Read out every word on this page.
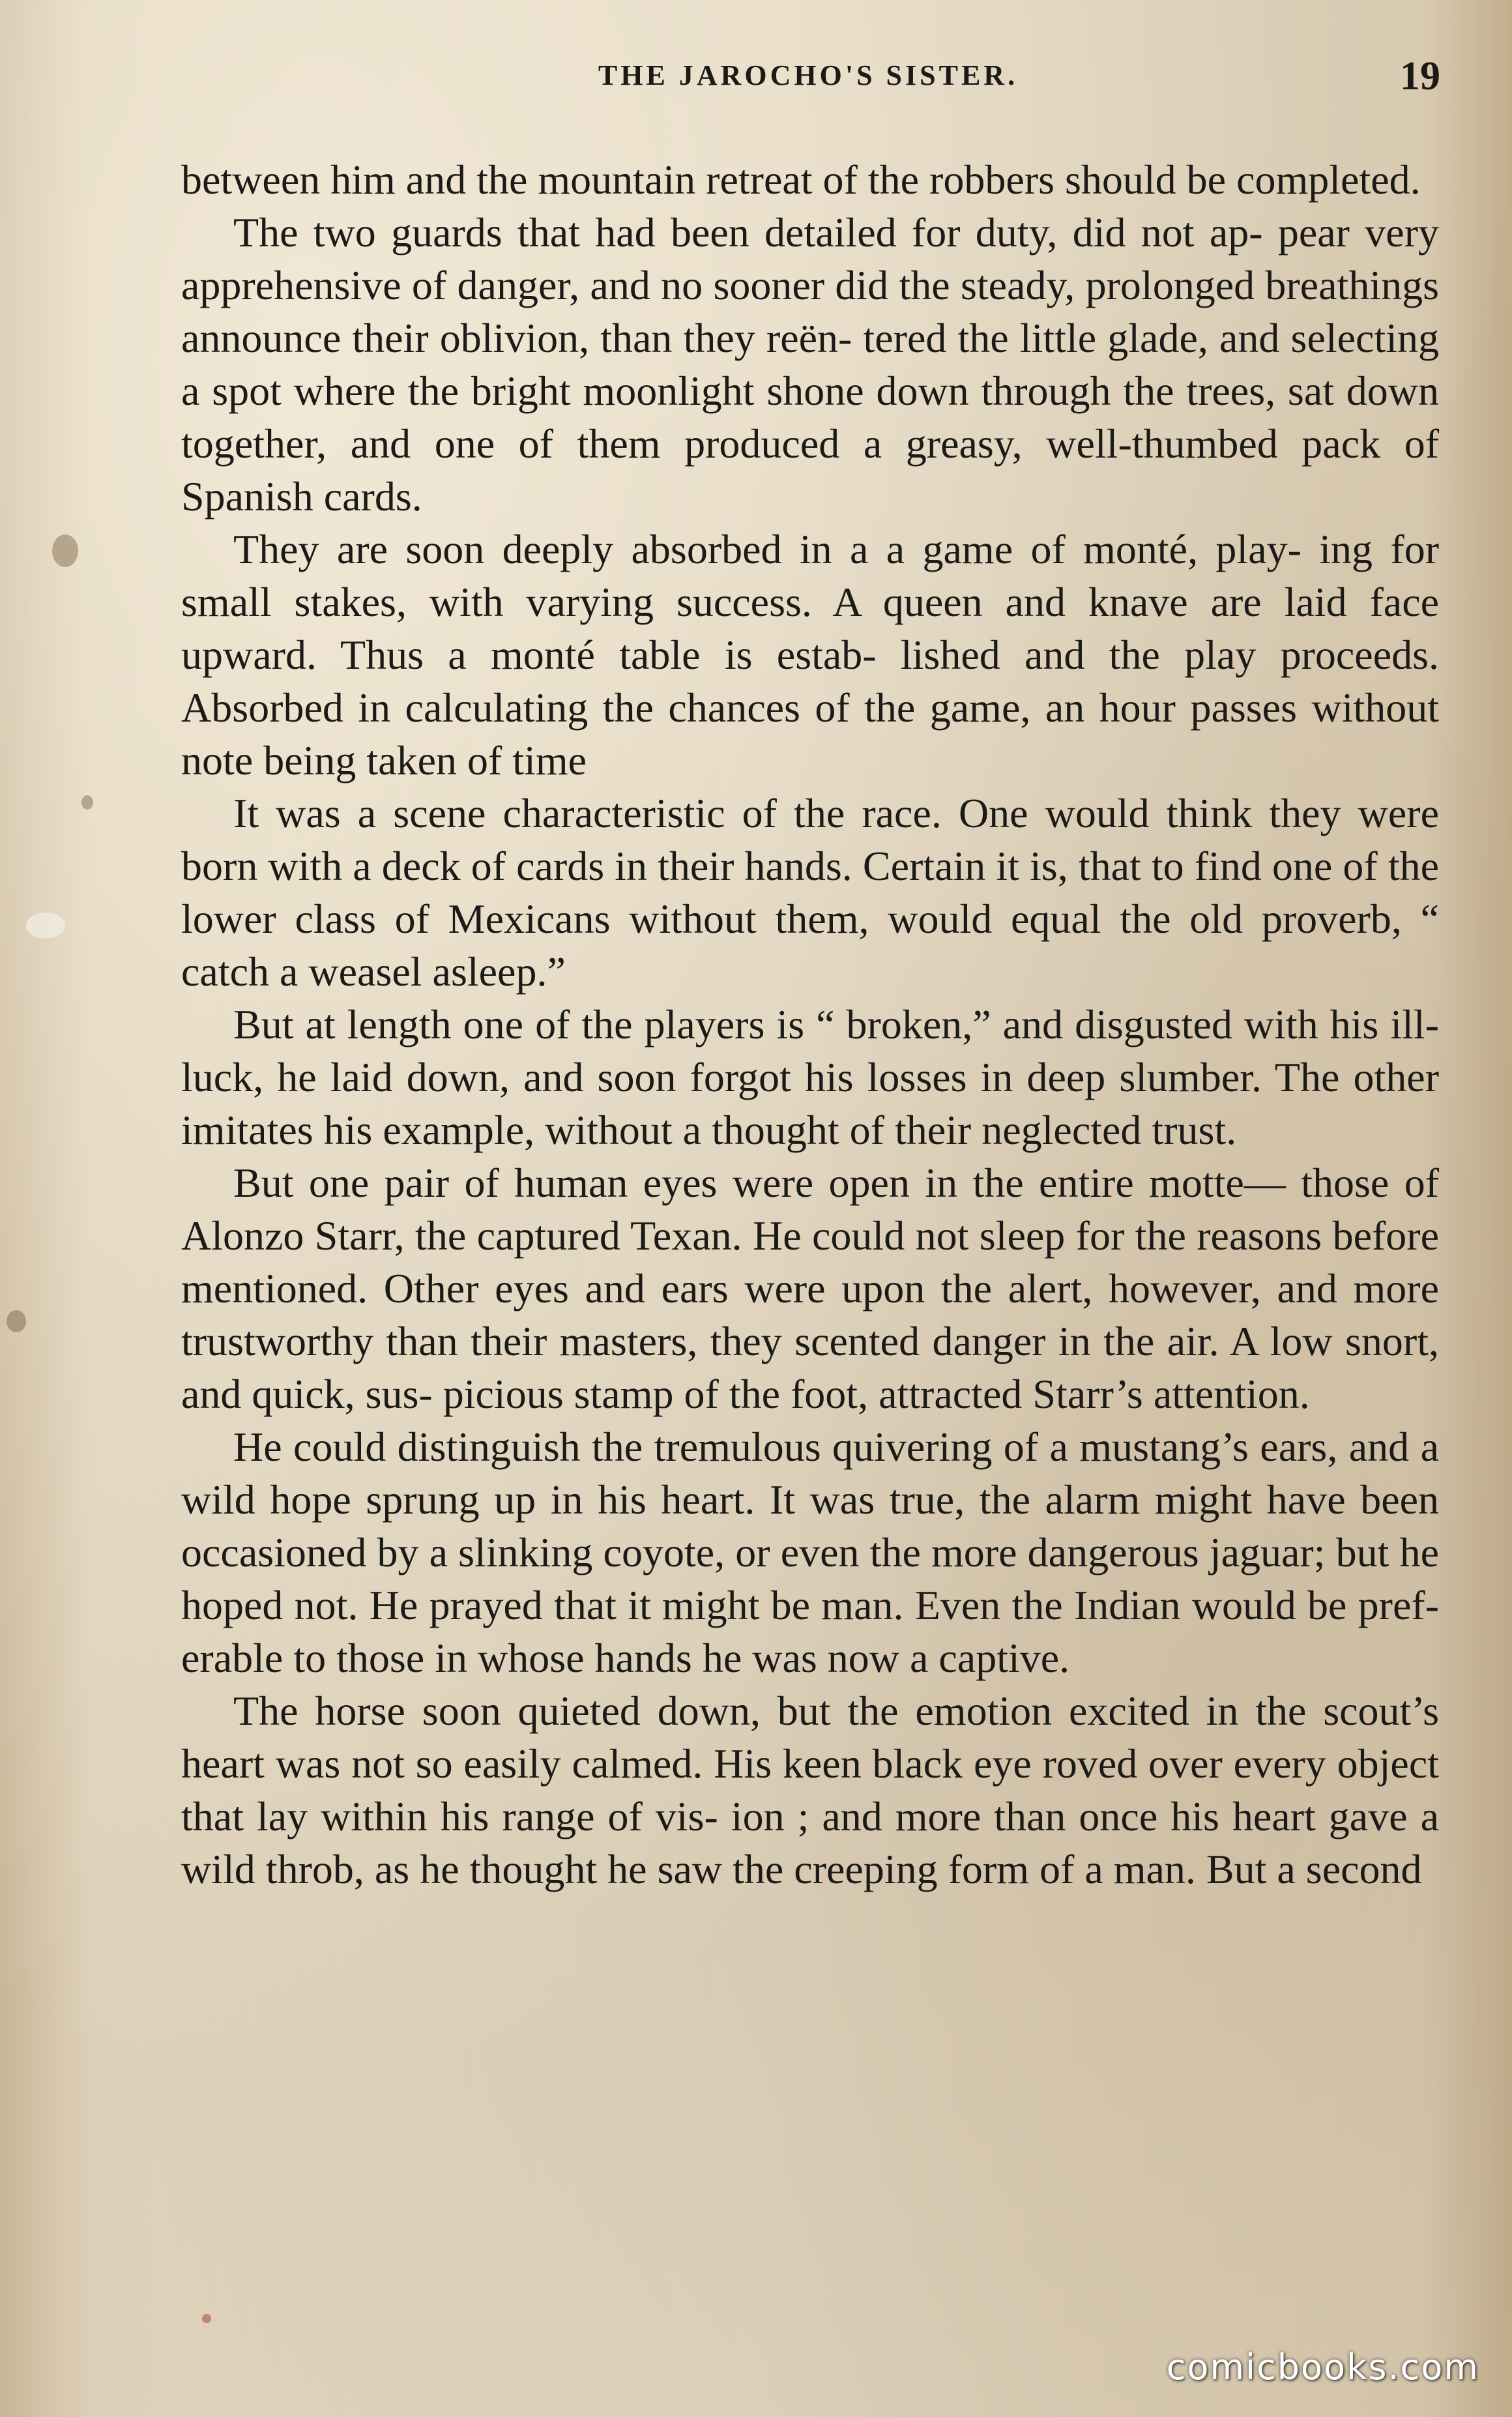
THE JAROCHO'S SISTER.	19

between him and the mountain retreat of the robbers should be completed.

The two guards that had been detailed for duty, did not ap- pear very apprehensive of danger, and no sooner did the steady, prolonged breathings announce their oblivion, than they reën- tered the little glade, and selecting a spot where the bright moonlight shone down through the trees, sat down together, and one of them produced a greasy, well-thumbed pack of Spanish cards.

They are soon deeply absorbed in a a game of monté, play- ing for small stakes, with varying success. A queen and knave are laid face upward. Thus a monté table is estab- lished and the play proceeds. Absorbed in calculating the chances of the game, an hour passes without note being taken of time

It was a scene characteristic of the race. One would think they were born with a deck of cards in their hands. Certain it is, that to find one of the lower class of Mexicans without them, would equal the old proverb, “ catch a weasel asleep.”

But at length one of the players is “ broken,” and disgusted with his ill-luck, he laid down, and soon forgot his losses in deep slumber. The other imitates his example, without a thought of their neglected trust.

But one pair of human eyes were open in the entire motte— those of Alonzo Starr, the captured Texan. He could not sleep for the reasons before mentioned. Other eyes and ears were upon the alert, however, and more trustworthy than their masters, they scented danger in the air. A low snort, and quick, sus- picious stamp of the foot, attracted Starr’s attention.

He could distinguish the tremulous quivering of a mustang’s ears, and a wild hope sprung up in his heart. It was true, the alarm might have been occasioned by a slinking coyote, or even the more dangerous jaguar; but he hoped not. He prayed that it might be man. Even the Indian would be pref- erable to those in whose hands he was now a captive.

The horse soon quieted down, but the emotion excited in the scout’s heart was not so easily calmed. His keen black eye roved over every object that lay within his range of vis- ion ; and more than once his heart gave a wild throb, as he thought he saw the creeping form of a man. But a second

comicbooks.com
